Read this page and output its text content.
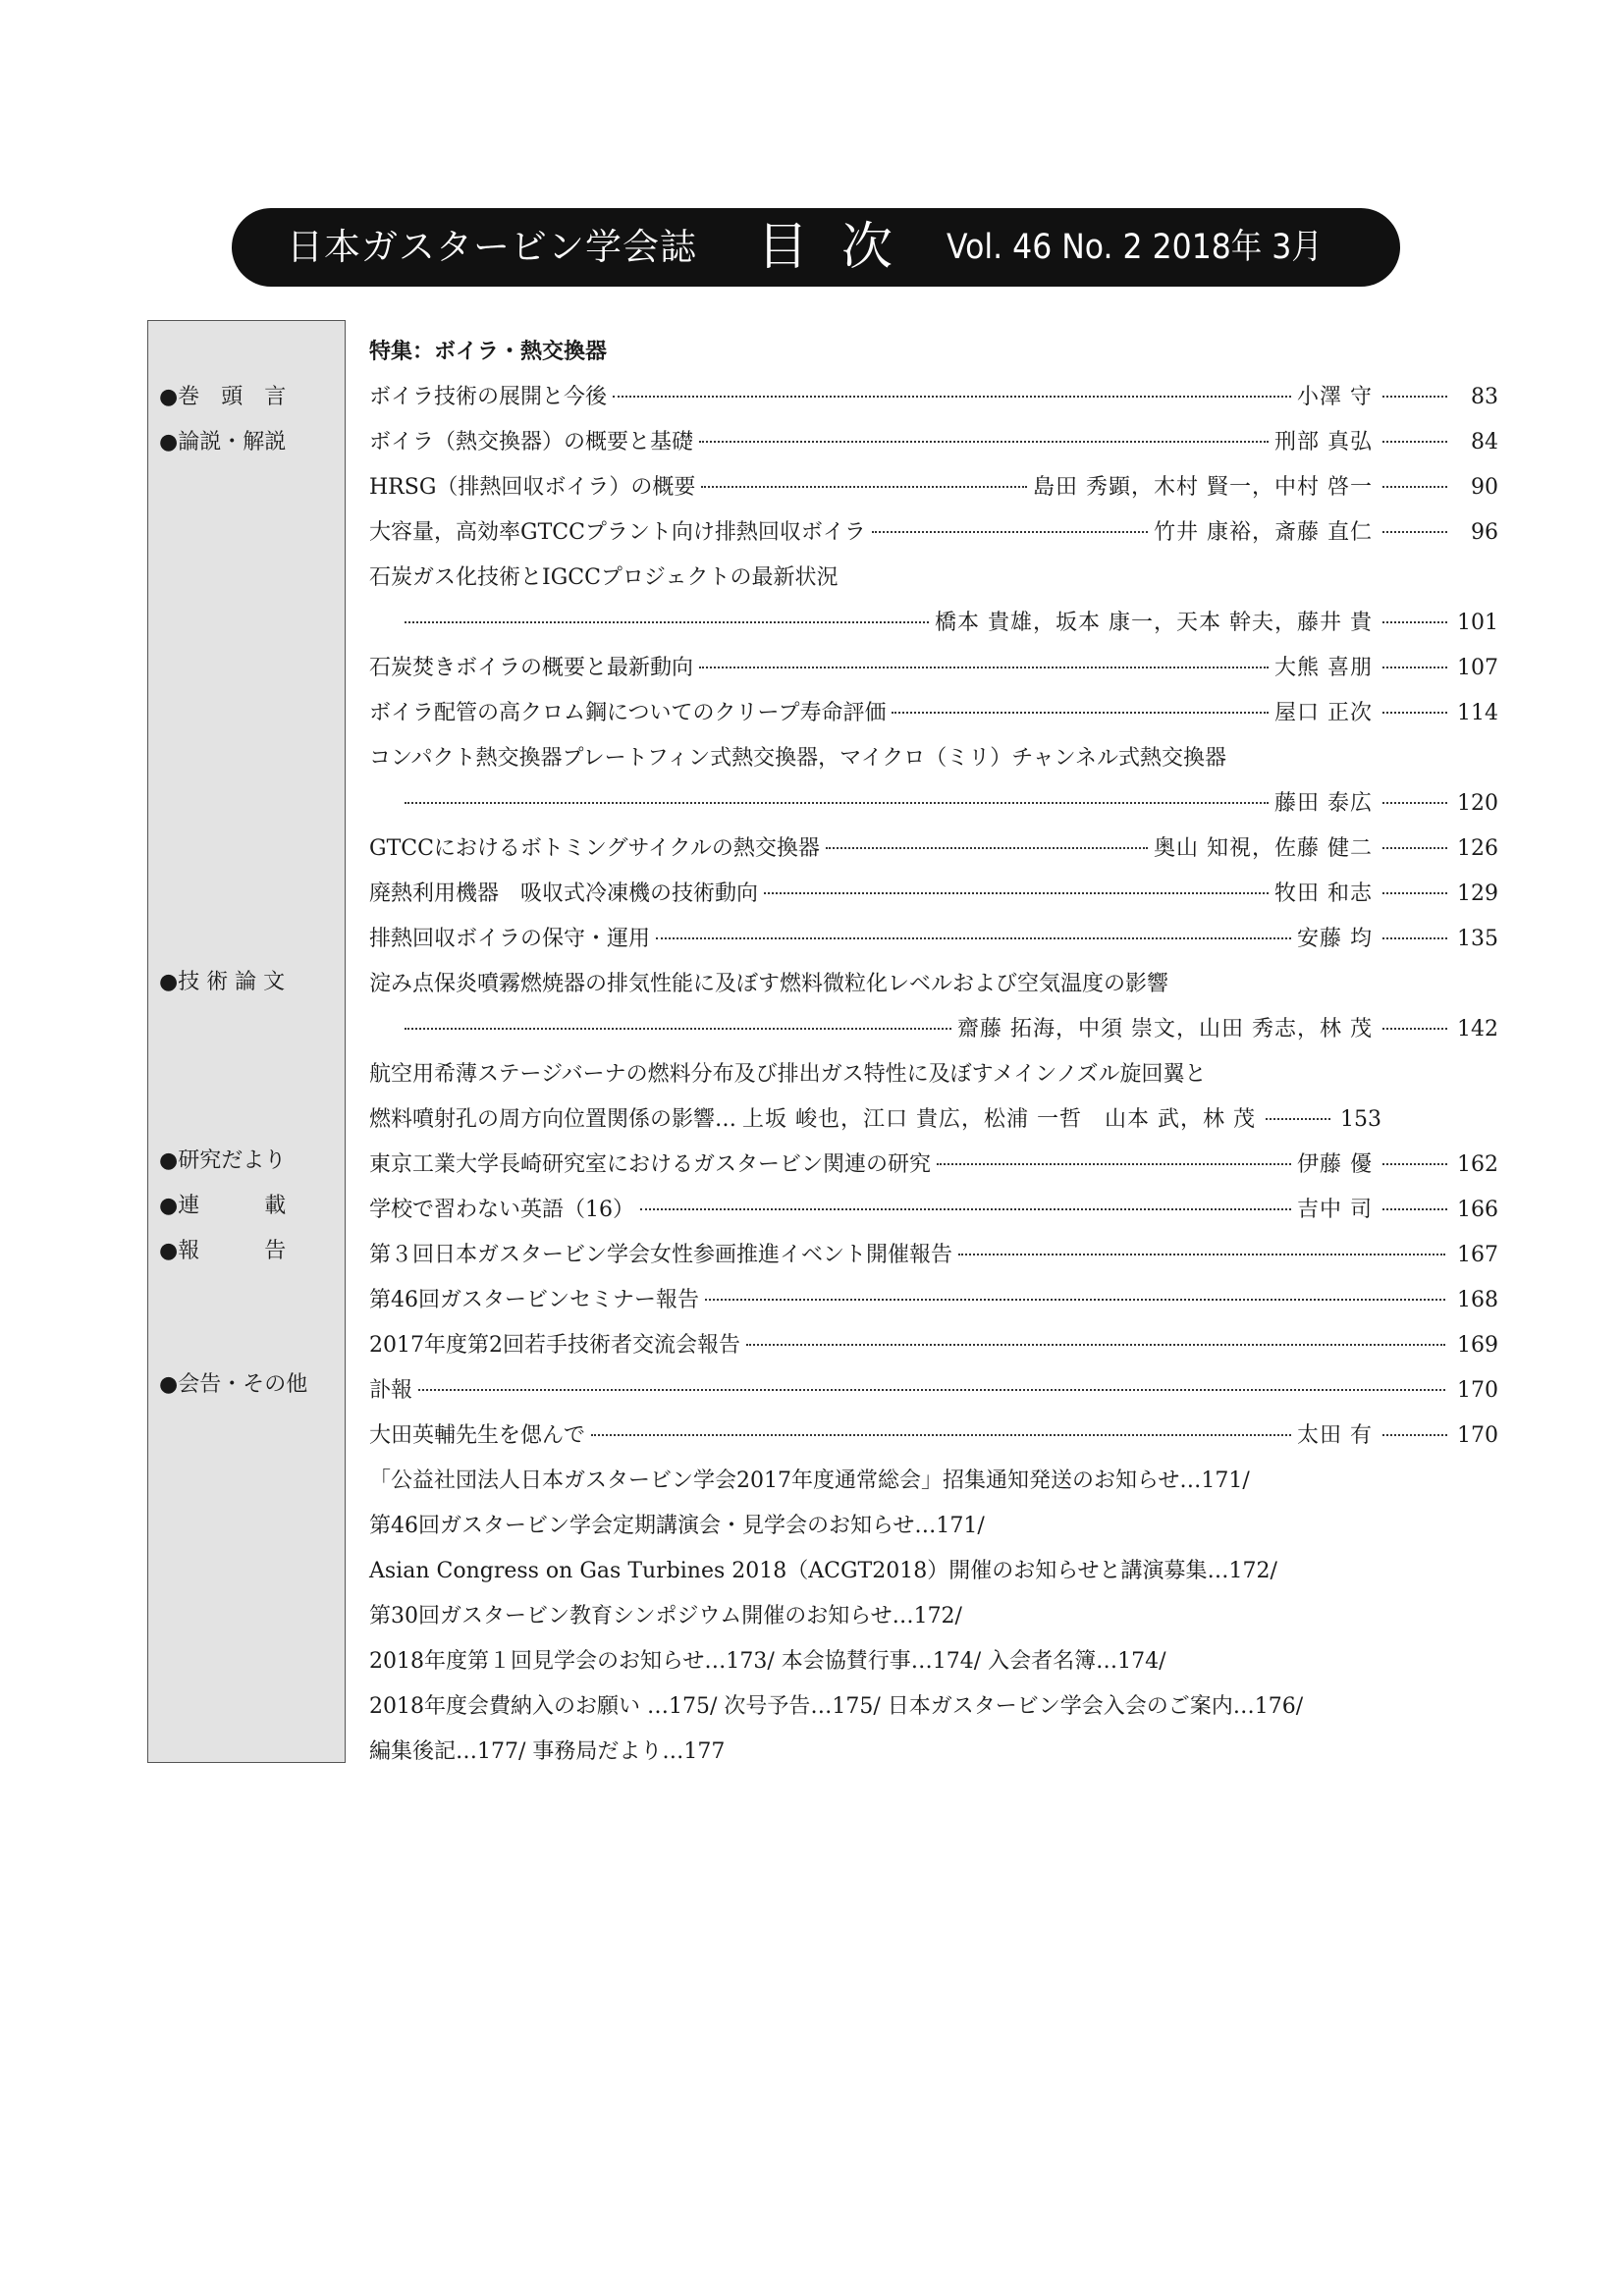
日本ガスタービン学会誌 目次 Vol. 46 No. 2 2018年 3月
●巻　頭　言
●論説・解説
●技 術 論 文
●研究だより
●連　　　載
●報　　　告
●会告・その他
特集：ボイラ・熱交換器
ボイラ技術の展開と今後	小澤 守	83
ボイラ（熱交換器）の概要と基礎	刑部 真弘	84
HRSG（排熱回収ボイラ）の概要	島田 秀顕，木村 賢一，中村 啓一	90
大容量，高効率GTCCプラント向け排熱回収ボイラ	竹井 康裕，斎藤 直仁	96
石炭ガス化技術とIGCCプロジェクトの最新状況
橋本 貴雄，坂本 康一，天本 幹夫，藤井 貴	101
石炭焚きボイラの概要と最新動向	大熊 喜朋	107
ボイラ配管の高クロム鋼についてのクリープ寿命評価	屋口 正次	114
コンパクト熱交換器プレートフィン式熱交換器，マイクロ（ミリ）チャンネル式熱交換器
藤田 泰広	120
GTCCにおけるボトミングサイクルの熱交換器	奥山 知視，佐藤 健二	126
廃熱利用機器　吸収式冷凍機の技術動向	牧田 和志	129
排熱回収ボイラの保守・運用	安藤 均	135
淀み点保炎噴霧燃焼器の排気性能に及ぼす燃料微粒化レベルおよび空気温度の影響
齋藤 拓海，中須 崇文，山田 秀志，林 茂	142
航空用希薄ステージバーナの燃料分布及び排出ガス特性に及ぼすメインノズル旋回翼と
燃料噴射孔の周方向位置関係の影響… 上坂 峻也，江口 貴広，松浦 一哲　山本 武，林 茂	153
東京工業大学長崎研究室におけるガスタービン関連の研究	伊藤 優	162
学校で習わない英語（16）	吉中 司	166
第３回日本ガスタービン学会女性参画推進イベント開催報告	167
第46回ガスタービンセミナー報告	168
2017年度第2回若手技術者交流会報告	169
訃報	170
大田英輔先生を偲んで	太田 有	170
「公益社団法人日本ガスタービン学会2017年度通常総会」招集通知発送のお知らせ…171/
第46回ガスタービン学会定期講演会・見学会のお知らせ…171/
Asian Congress on Gas Turbines 2018（ACGT2018）開催のお知らせと講演募集…172/
第30回ガスタービン教育シンポジウム開催のお知らせ…172/
2018年度第１回見学会のお知らせ…173/ 本会協賛行事…174/ 入会者名簿…174/
2018年度会費納入のお願い …175/ 次号予告…175/ 日本ガスタービン学会入会のご案内…176/
編集後記…177/ 事務局だより…177
